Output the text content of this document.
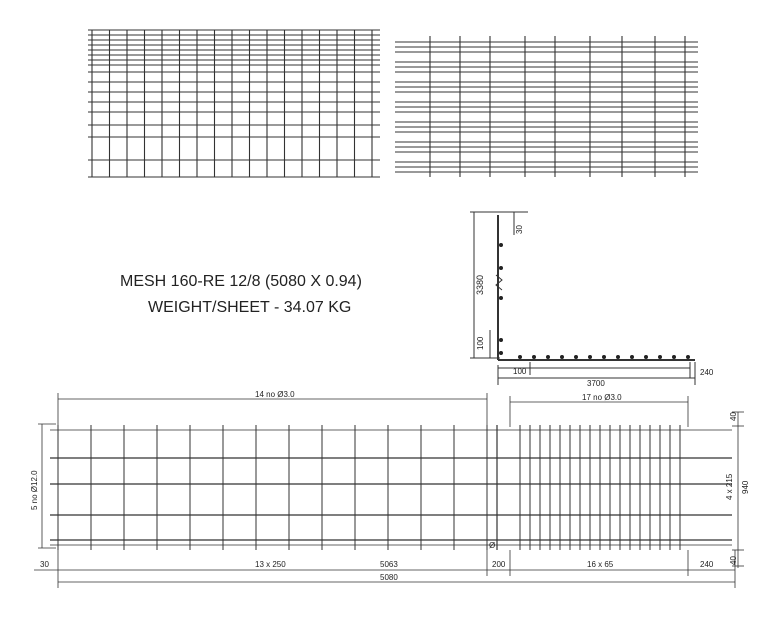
3380
30
100
100
3700
240
14 no Ø3.0	17 no Ø3.0
5 no Ø12.0
40
4 x 215 940
40
Ø
30	13 x 250	5063	200	16 x 65	240
5080
MESH 160-RE 12/8 (5080 X 0.94)
WEIGHT/SHEET - 34.07 KG
